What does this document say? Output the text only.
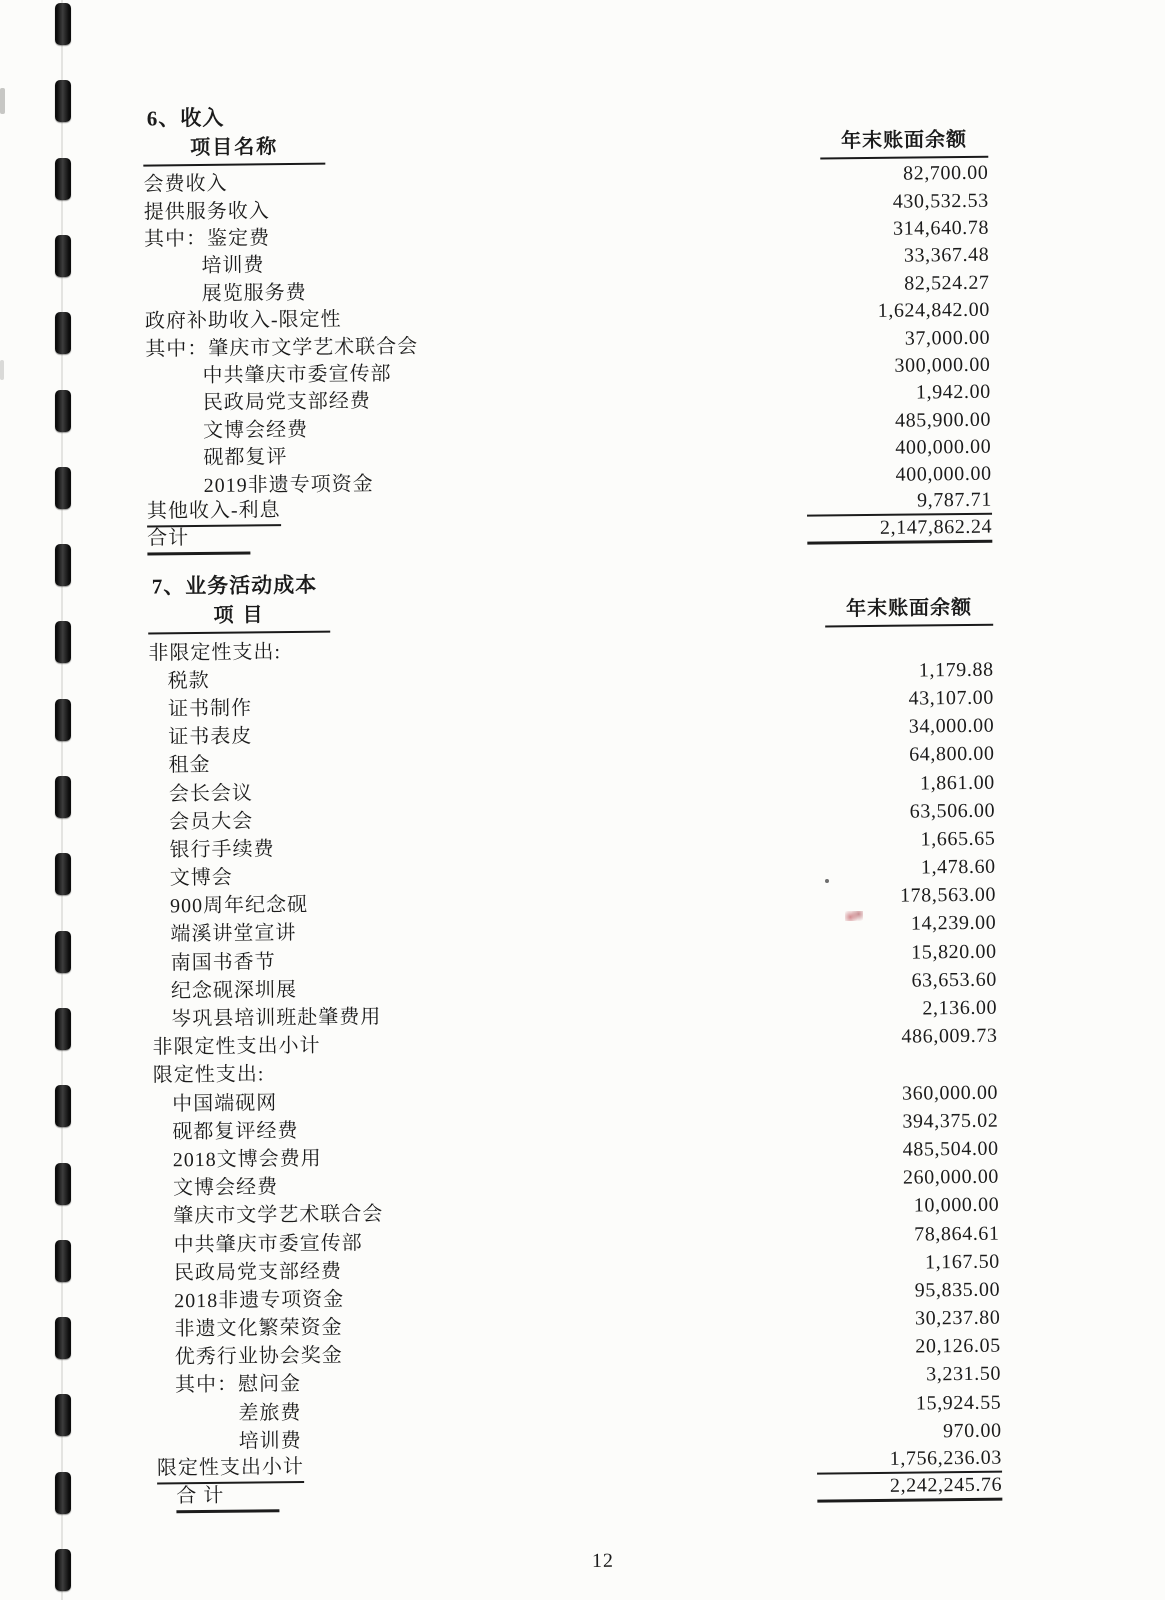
6、收入
项目名称	年末账面余额
会费收入	82,700.00
提供服务收入	430,532.53
其中：鉴定费	314,640.78
培训费	33,367.48
展览服务费	82,524.27
政府补助收入-限定性	1,624,842.00
其中：肇庆市文学艺术联合会	37,000.00
中共肇庆市委宣传部	300,000.00
民政局党支部经费	1,942.00
文博会经费	485,900.00
砚都复评	400,000.00
2019非遗专项资金	400,000.00
其他收入-利息	9,787.71
合计	2,147,862.24
7、业务活动成本
项 目	年末账面余额
非限定性支出:
税款	1,179.88
证书制作	43,107.00
证书表皮	34,000.00
租金	64,800.00
会长会议	1,861.00
会员大会	63,506.00
银行手续费	1,665.65
文博会	1,478.60
900周年纪念砚	178,563.00
端溪讲堂宣讲	14,239.00
南国书香节	15,820.00
纪念砚深圳展	63,653.60
岑巩县培训班赴肇费用	2,136.00
非限定性支出小计	486,009.73
限定性支出:
中国端砚网	360,000.00
砚都复评经费	394,375.02
2018文博会费用	485,504.00
文博会经费	260,000.00
肇庆市文学艺术联合会	10,000.00
中共肇庆市委宣传部	78,864.61
民政局党支部经费	1,167.50
2018非遗专项资金	95,835.00
非遗文化繁荣资金	30,237.80
优秀行业协会奖金	20,126.05
其中：慰问金	3,231.50
差旅费	15,924.55
培训费	970.00
限定性支出小计	1,756,236.03
合 计	2,242,245.76
12
